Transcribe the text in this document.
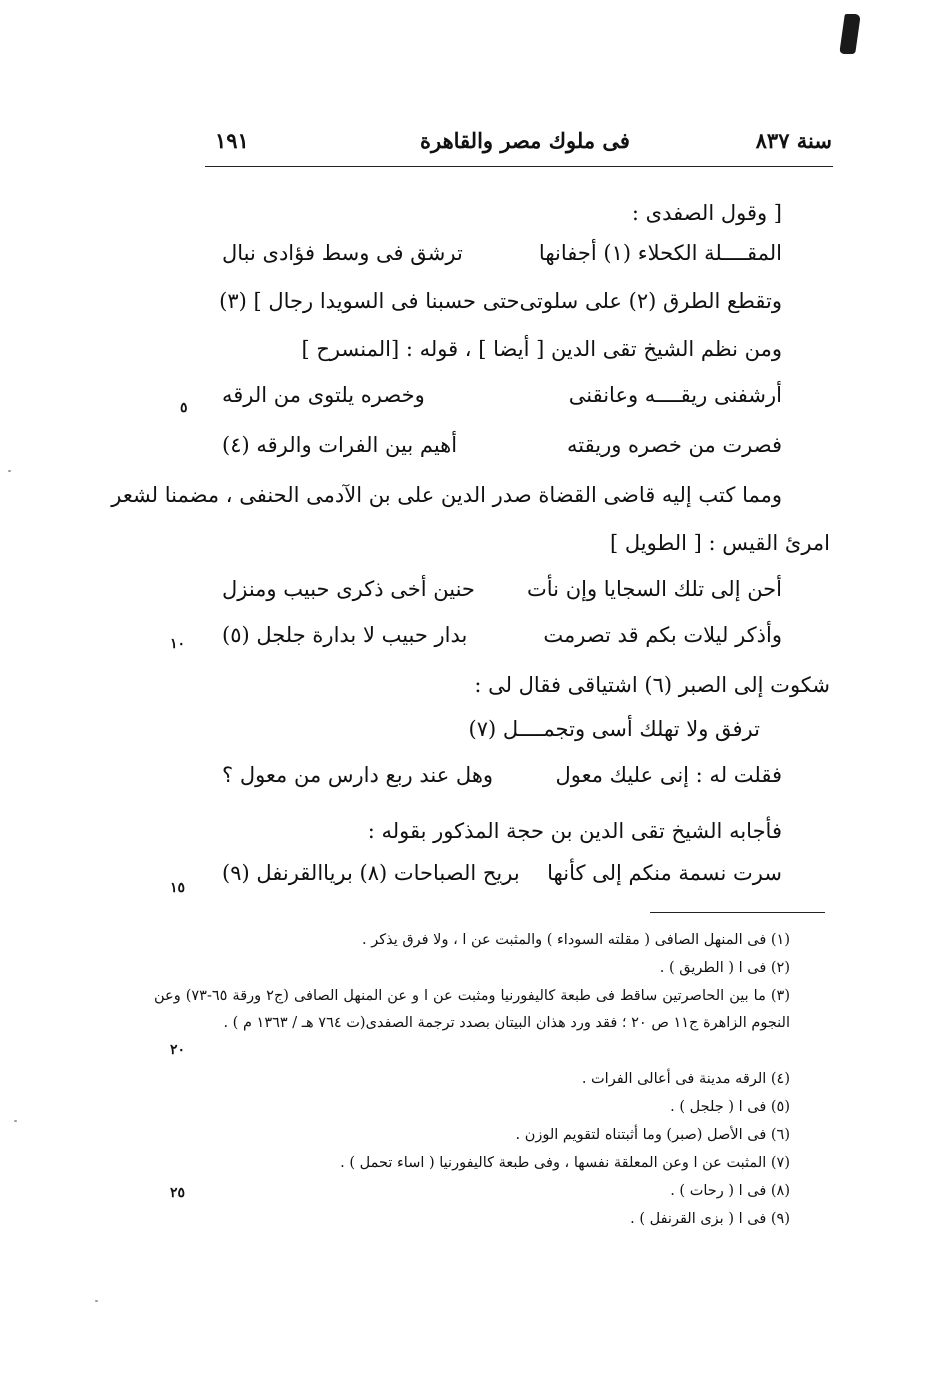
١٩١	فى ملوك مصر والقاهرة	سنة ٨٣٧
[ وقول الصفدى :
المقــــلة الكحلاء (١) أجفانها
ترشق فى وسط فؤادى نبال
وتقطع الطرق (٢) على سلوتى
حتى حسبنا فى السويدا رجال ] (٣)
ومن نظم الشيخ تقى الدين [ أيضا ] ، قوله : [المنسرح ]
أرشفنى ريقــــه وعانقنى
وخصره يلتوى من الرقه
فصرت من خصره وريقته
أهيم بين الفرات والرقه (٤)
ومما كتب إليه قاضى القضاة صدر الدين على بن الآدمى الحنفى ، مضمنا لشعر
امرئ القيس : [ الطويل ]
أحن إلى تلك السجايا وإن نأت
حنين أخى ذكرى حبيب ومنزل
وأذكر ليلات بكم قد تصرمت
بدار حبيب لا بدارة جلجل (٥)
شكوت إلى الصبر (٦) اشتياقى فقال لى :
ترفق ولا تهلك أسى وتجمــــل (٧)
فقلت له : إنى عليك معول
وهل عند ربع دارس من معول ؟
فأجابه الشيخ تقى الدين بن حجة المذكور بقوله :
سرت نسمة منكم إلى كأنها
بريح الصباحات (٨) برياالقرنفل (٩)
٥
١٠
١٥
٢٠
٢٥
(١) فى المنهل الصافى ( مقلته السوداء ) والمثبت عن ا ، ولا فرق يذكر .
(٢) فى ا ( الطريق ) .
(٣) ما بين الحاصرتين ساقط فى طبعة كاليفورنيا ومثبت عن ا و عن المنهل الصافى (ج٢ ورقة ٦٥-٧٣) وعن النجوم الزاهرة ج١١ ص ٢٠ ؛ فقد ورد هذان البيتان بصدد ترجمة الصفدى(ت ٧٦٤ هـ / ١٣٦٣ م ) .
(٤) الرقه مدينة فى أعالى الفرات .
(٥) فى ا ( جلجل ) .
(٦) فى الأصل (صبر) وما أثبتناه لتقويم الوزن .
(٧) المثبت عن ا وعن المعلقة نفسها ، وفى طبعة كاليفورنيا ( اساء تحمل ) .
(٨) فى ا ( رحات ) .
(٩) فى ا ( بزى القرنفل ) .
